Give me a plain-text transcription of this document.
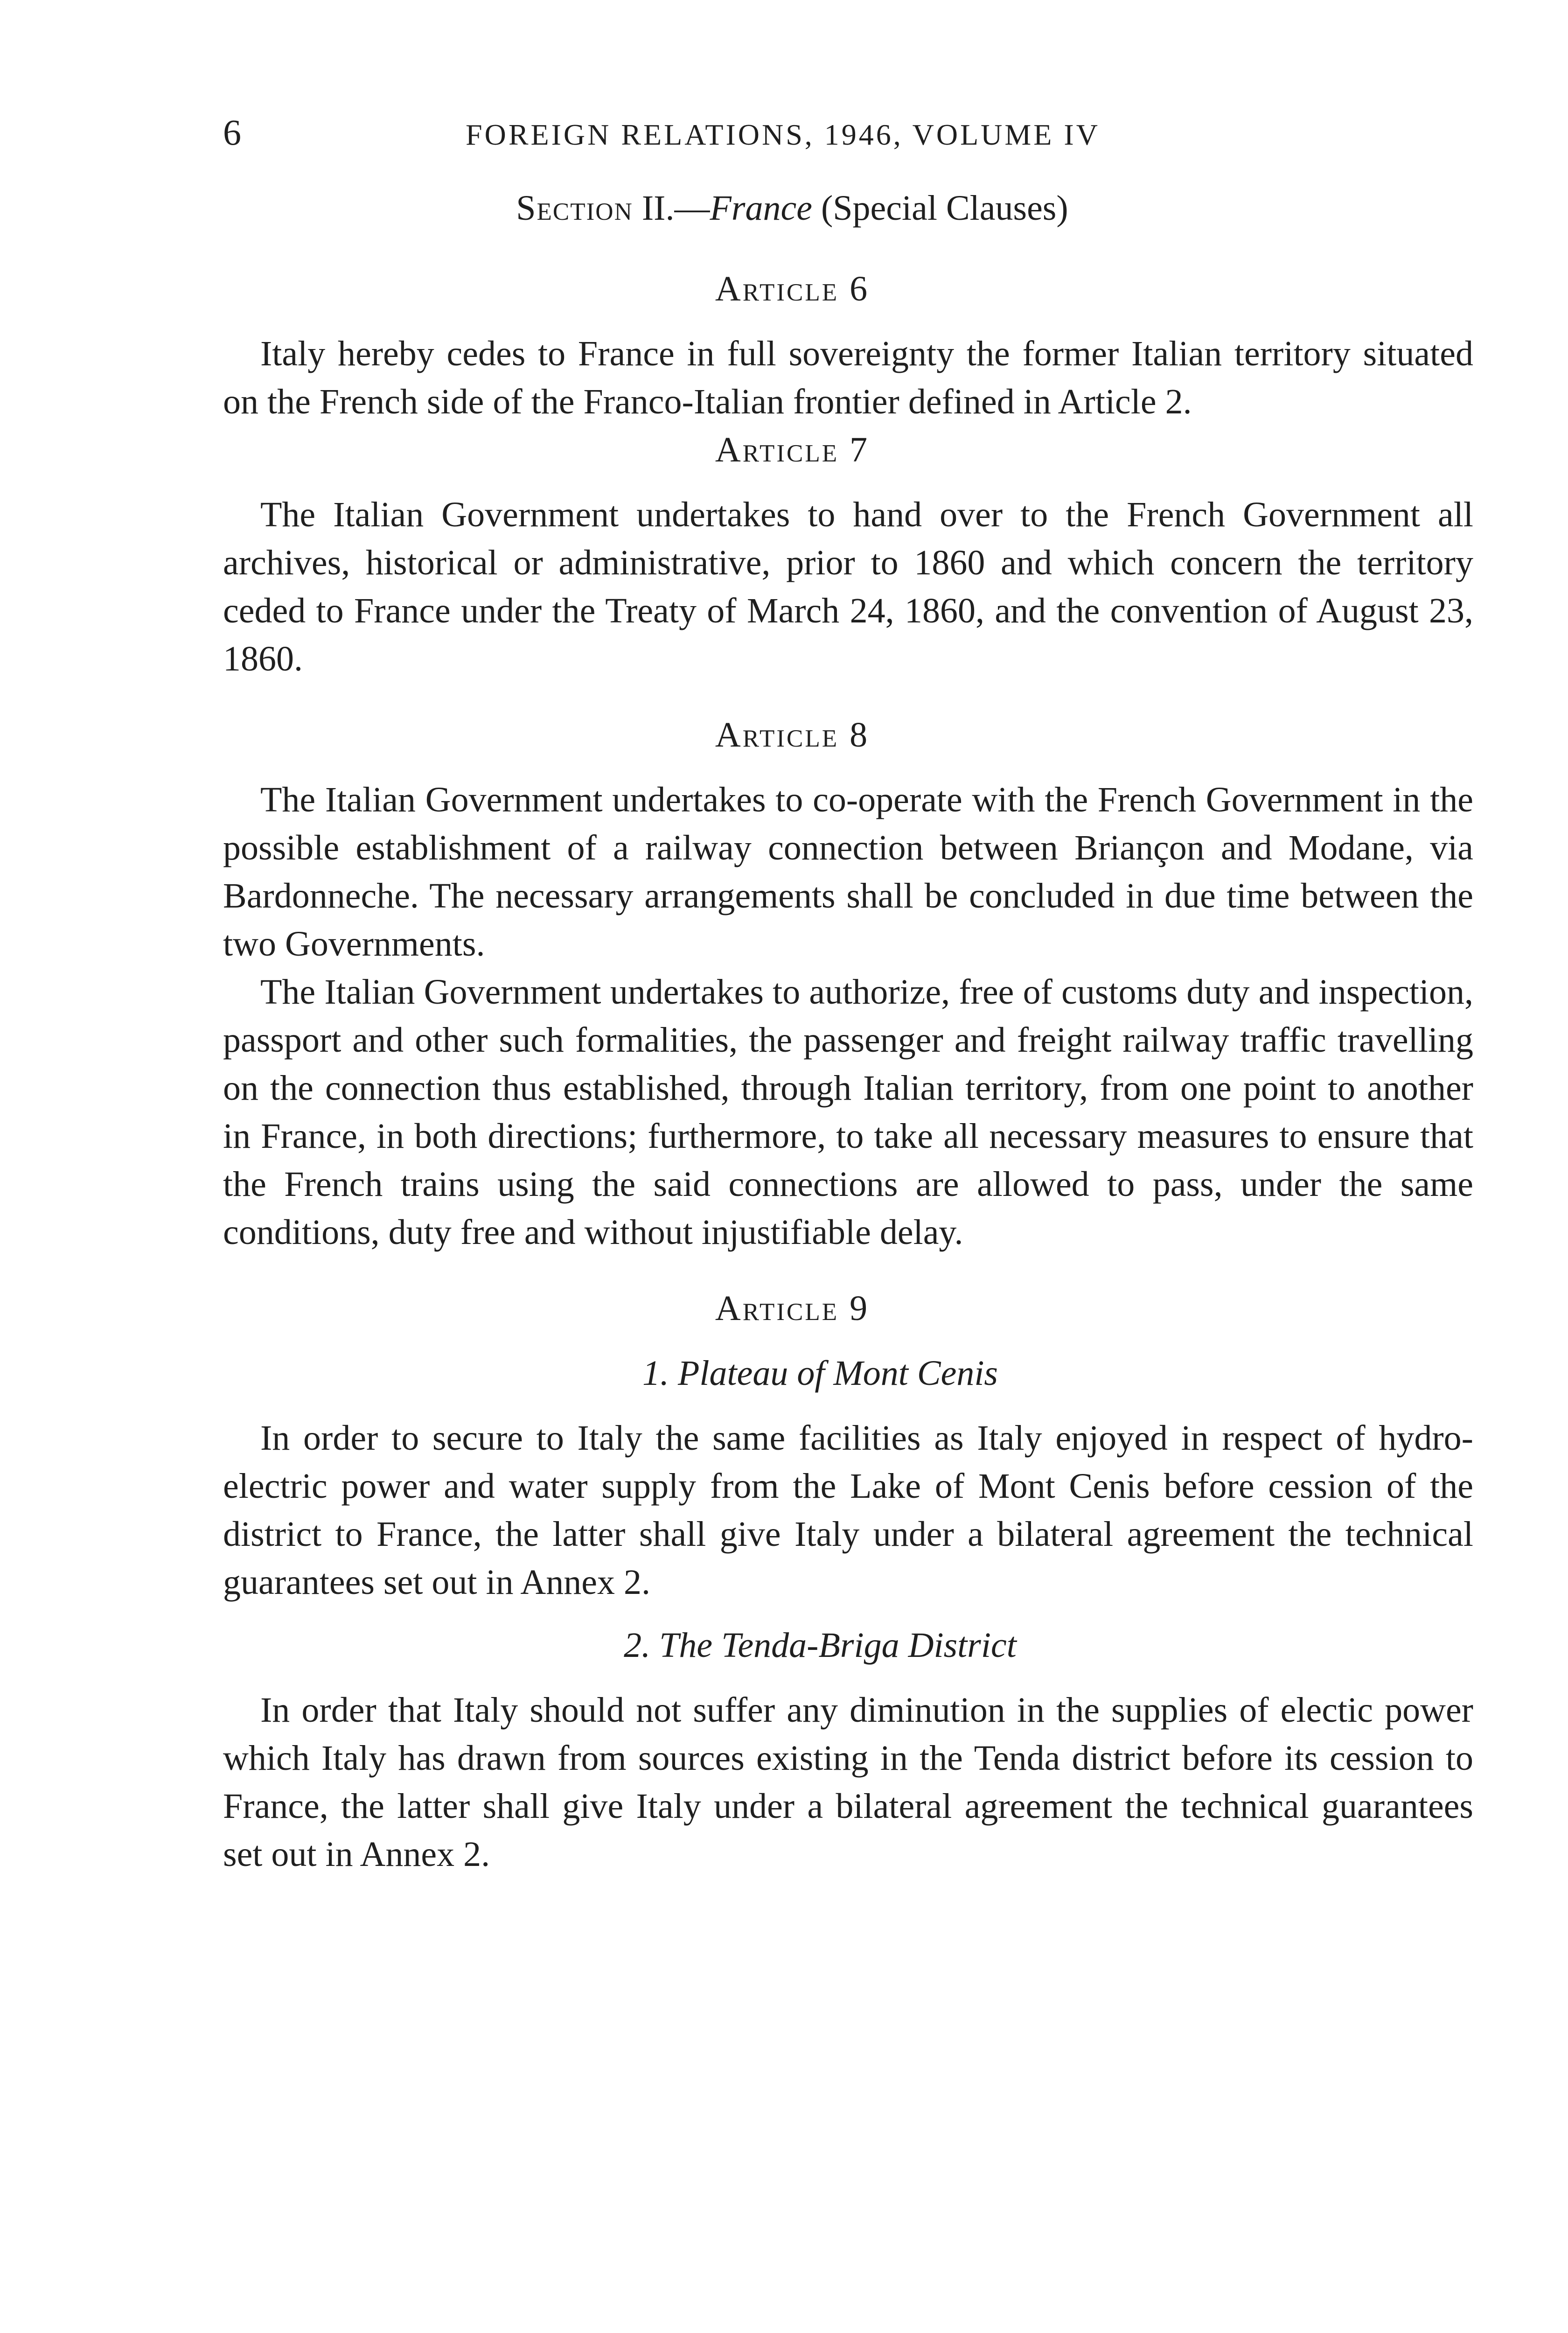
6	FOREIGN RELATIONS, 1946, VOLUME IV
Section II.—France (Special Clauses)
Article 6

Italy hereby cedes to France in full sovereignty the former Italian territory situated on the French side of the Franco-Italian frontier defined in Article 2.

Article 7

The Italian Government undertakes to hand over to the French Government all archives, historical or administrative, prior to 1860 and which concern the territory ceded to France under the Treaty of March 24, 1860, and the convention of August 23, 1860.

Article 8

The Italian Government undertakes to co-operate with the French Government in the possible establishment of a railway connection between Briançon and Modane, via Bardonneche. The necessary arrangements shall be concluded in due time between the two Governments.

The Italian Government undertakes to authorize, free of customs duty and inspection, passport and other such formalities, the passenger and freight railway traffic travelling on the connection thus established, through Italian territory, from one point to another in France, in both directions; furthermore, to take all necessary measures to ensure that the French trains using the said connections are allowed to pass, under the same conditions, duty free and without injustifiable delay.

Article 9
1. Plateau of Mont Cenis

In order to secure to Italy the same facilities as Italy enjoyed in respect of hydro-electric power and water supply from the Lake of Mont Cenis before cession of the district to France, the latter shall give Italy under a bilateral agreement the technical guarantees set out in Annex 2.

2. The Tenda-Briga District

In order that Italy should not suffer any diminution in the supplies of electic power which Italy has drawn from sources existing in the Tenda district before its cession to France, the latter shall give Italy under a bilateral agreement the technical guarantees set out in Annex 2.
